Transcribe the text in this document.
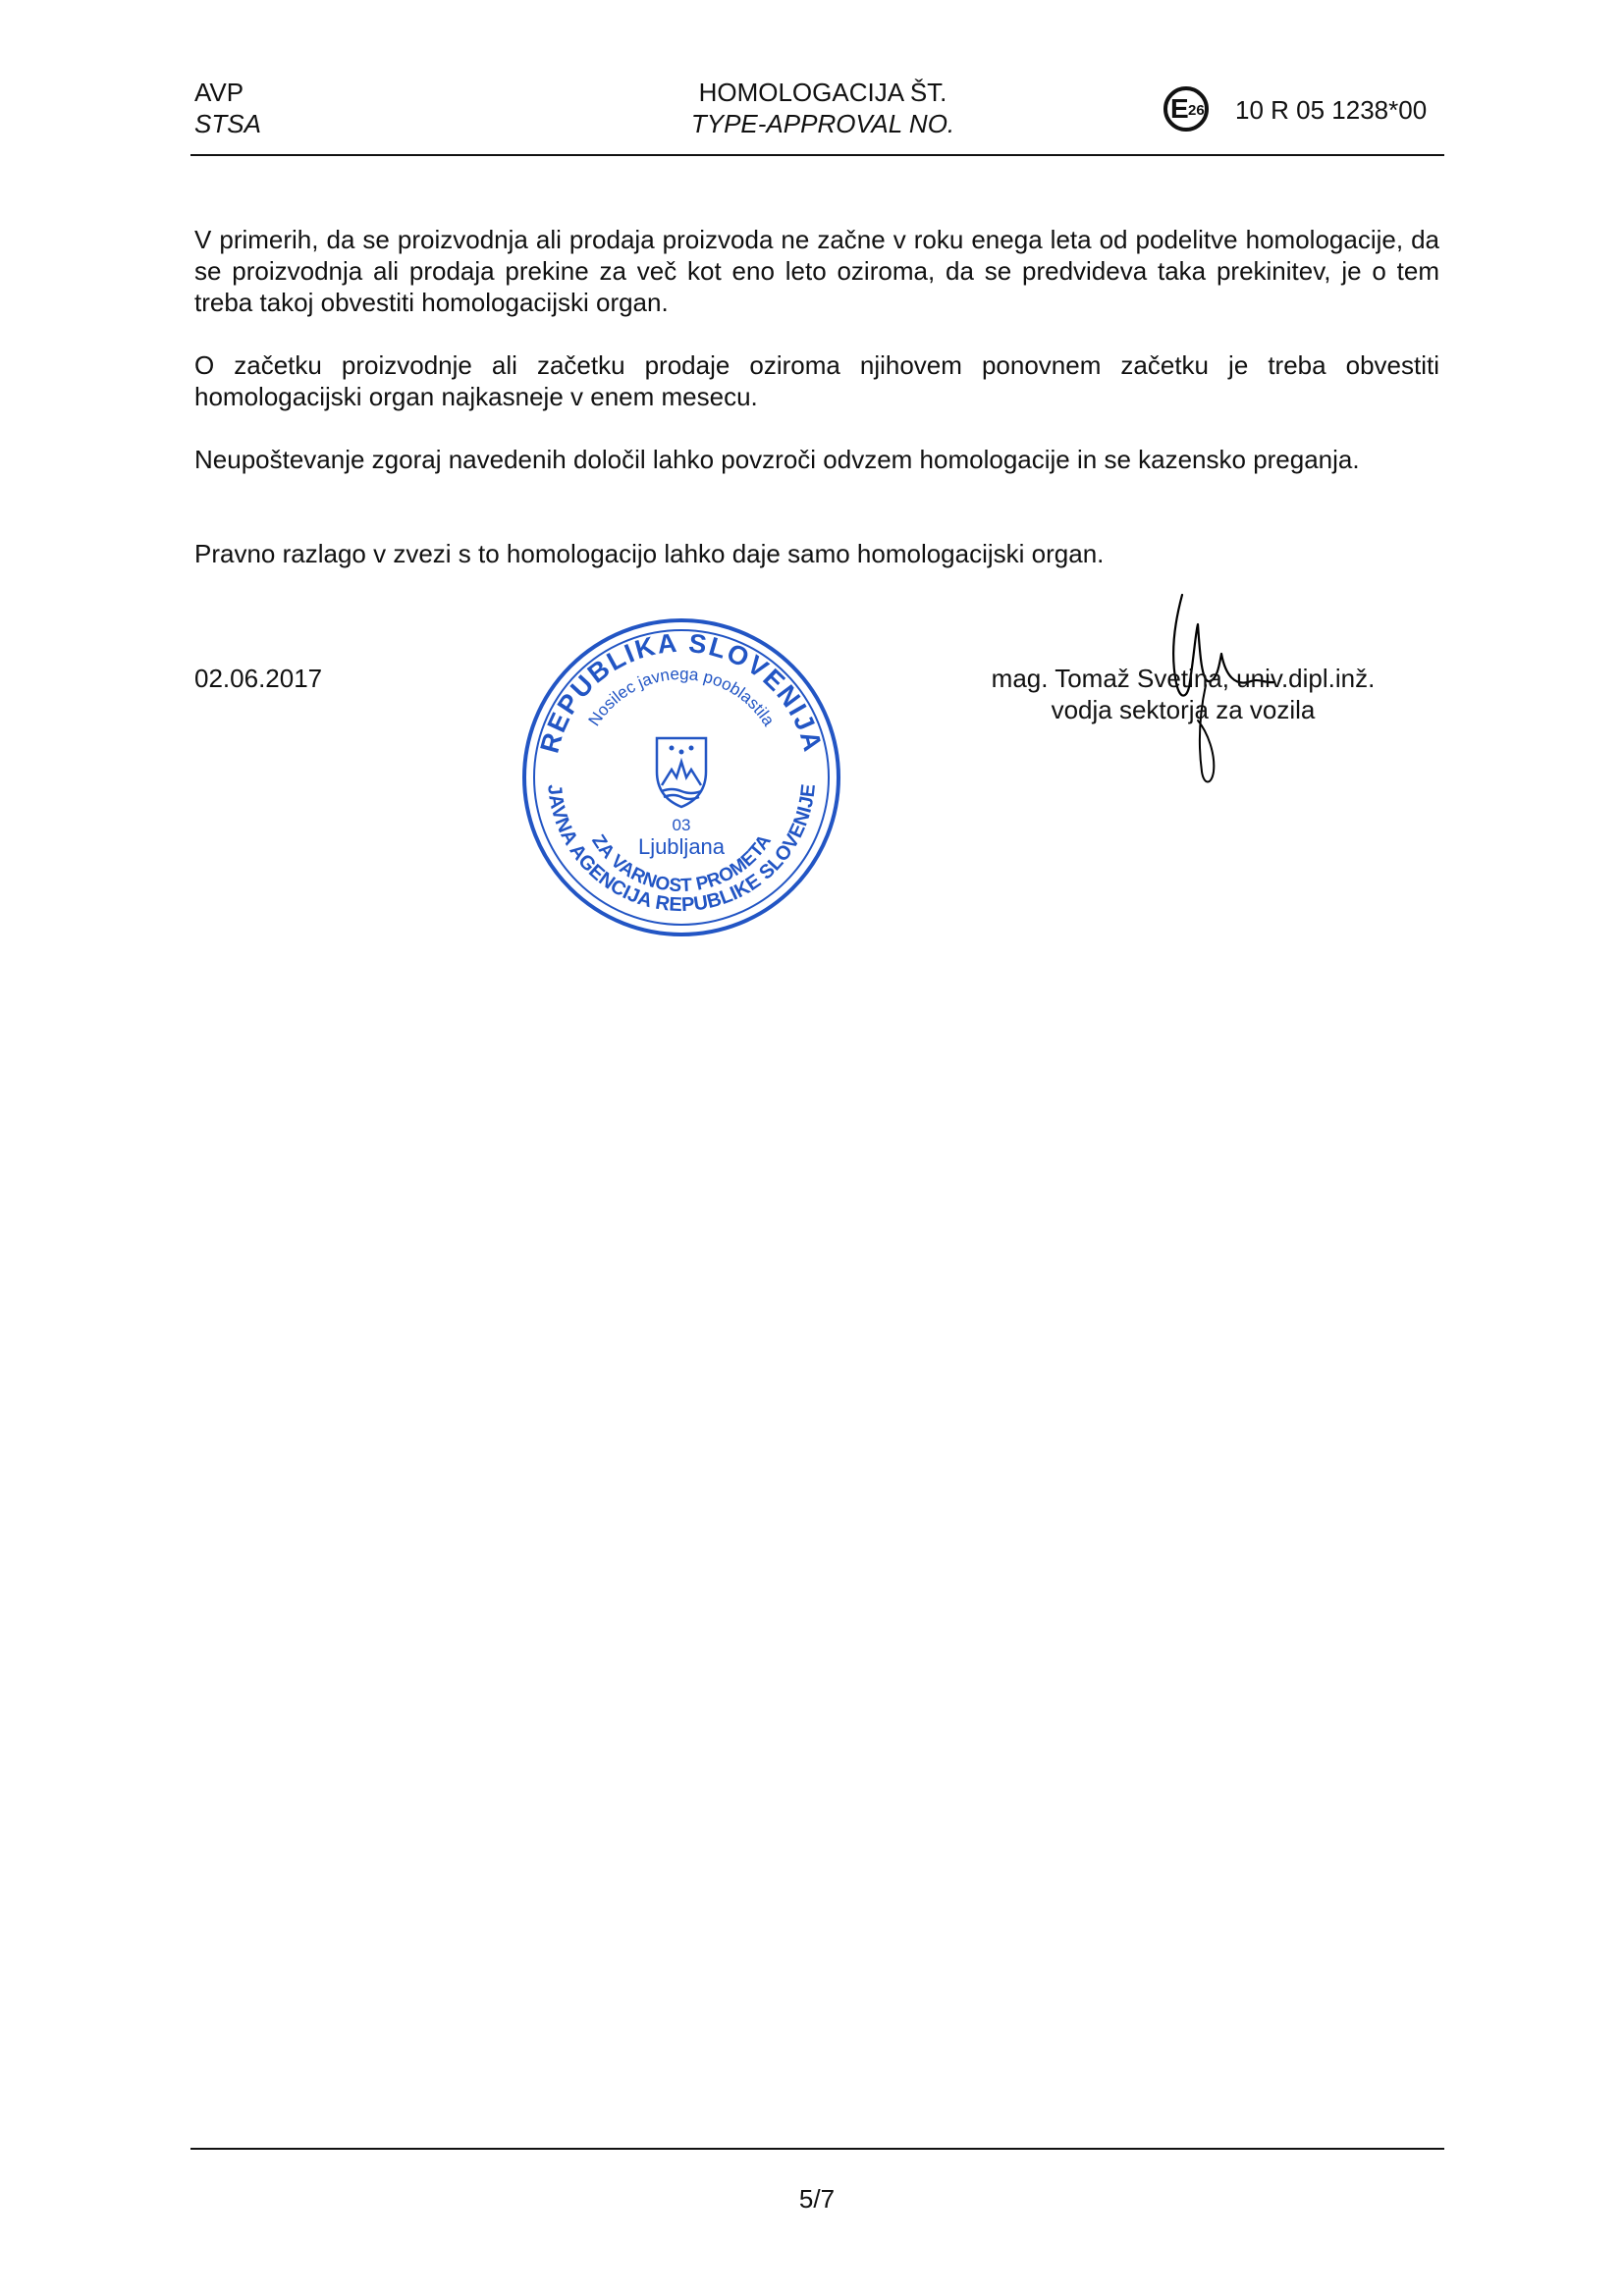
AVP
STSA
HOMOLOGACIJA ŠT.
TYPE-APPROVAL NO.	E 26 10 R 05 1238*00

V primerih, da se proizvodnja ali prodaja proizvoda ne začne v roku enega leta od podelitve homologacije, da se proizvodnja ali prodaja prekine za več kot eno leto oziroma, da se predvideva taka prekinitev, je o tem treba takoj obvestiti homologacijski organ.

O začetku proizvodnje ali začetku prodaje oziroma njihovem ponovnem začetku je treba obvestiti homologacijski organ najkasneje v enem mesecu.

Neupoštevanje zgoraj navedenih določil lahko povzroči odvzem homologacije in se kazensko preganja.

Pravno razlago v zvezi s to homologacijo lahko daje samo homologacijski organ.

02.06.2017
REPUBLIKA SLOVENIJA
Nosilec javnega pooblastila
JAVNA AGENCIJA REPUBLIKE SLOVENIJE
ZA VARNOST PROMETA
03
Ljubljana
mag. Tomaž Svetina, univ.dipl.inž.
vodja sektorja za vozila
5/7
